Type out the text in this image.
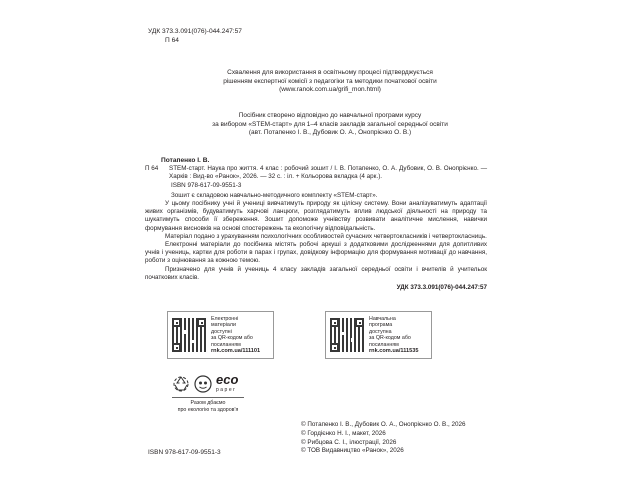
УДК 373.3.091(076)-044.247:57
П 64
Схвалення для використання в освітньому процесі підтверджується
рішенням експертної комісії з педагогіки та методики початкової освіти
(www.ranok.com.ua/grifi_mon.html)
Посібник створено відповідно до навчальної програми курсу
за вибором «STEM-старт» для 1–4 класів закладів загальної середньої освіти
(авт. Потапенко І. В., Дубовик О. А., Онопрієнко О. В.)
Потапенко І. В.
П 64	STEM-старт. Наука про життя. 4 клас : робочий зошит / І. В. Потапенко, О. А. Дубовик, О. В. Онопрієнко. — Харків : Вид-во «Ранок», 2026. — 32 с. : іл. + Кольорова вкладка (4 арк.).
ISBN 978-617-09-9551-3
Зошит є складовою навчально-методичного комплекту «STEM-старт».

У цьому посібнику учні й учениці вивчатимуть природу як цілісну систему. Вони аналізуватимуть адаптації живих організмів, будуватимуть харчові ланцюги, розглядатимуть вплив людської діяльності на природу та шукатимуть способи її збереження. Зошит допоможе учнівству розвивати аналітичне мислення, навички формування висновків на основі спостережень та екологічну відповідальність.

Матеріал подано з урахуванням психологічних особливостей сучасних четвертокласників і четвертокласниць.

Електронні матеріали до посібника містять робочі аркуші з додатковими дослідженнями для допитливих учнів і учениць, картки для роботи в парах і групах, довідкову інформацію для формування мотивації до навчання, роботи з оцінювання за кожною темою.

Призначено для учнів й учениць 4 класу закладів загальної середньої освіти і вчителів й учительок початкових класів.

УДК 373.3.091(076)-044.247:57
Електронні
матеріали
доступні
за QR-кодом або
посиланням
rnk.com.ua/111101
Навчальна
програма
доступна
за QR-кодом або
посиланням
rnk.com.ua/111535
eco
paper
Разом дбаємо
про екологію та здоров'я
ISBN 978-617-09-9551-3
© Потапенко І. В., Дубовик О. А., Онопрієнко О. В., 2026
© Гордієнко Н. І., макет, 2026
© Рибцова С. І., ілюстрації, 2026
© ТОВ Видавництво «Ранок», 2026
